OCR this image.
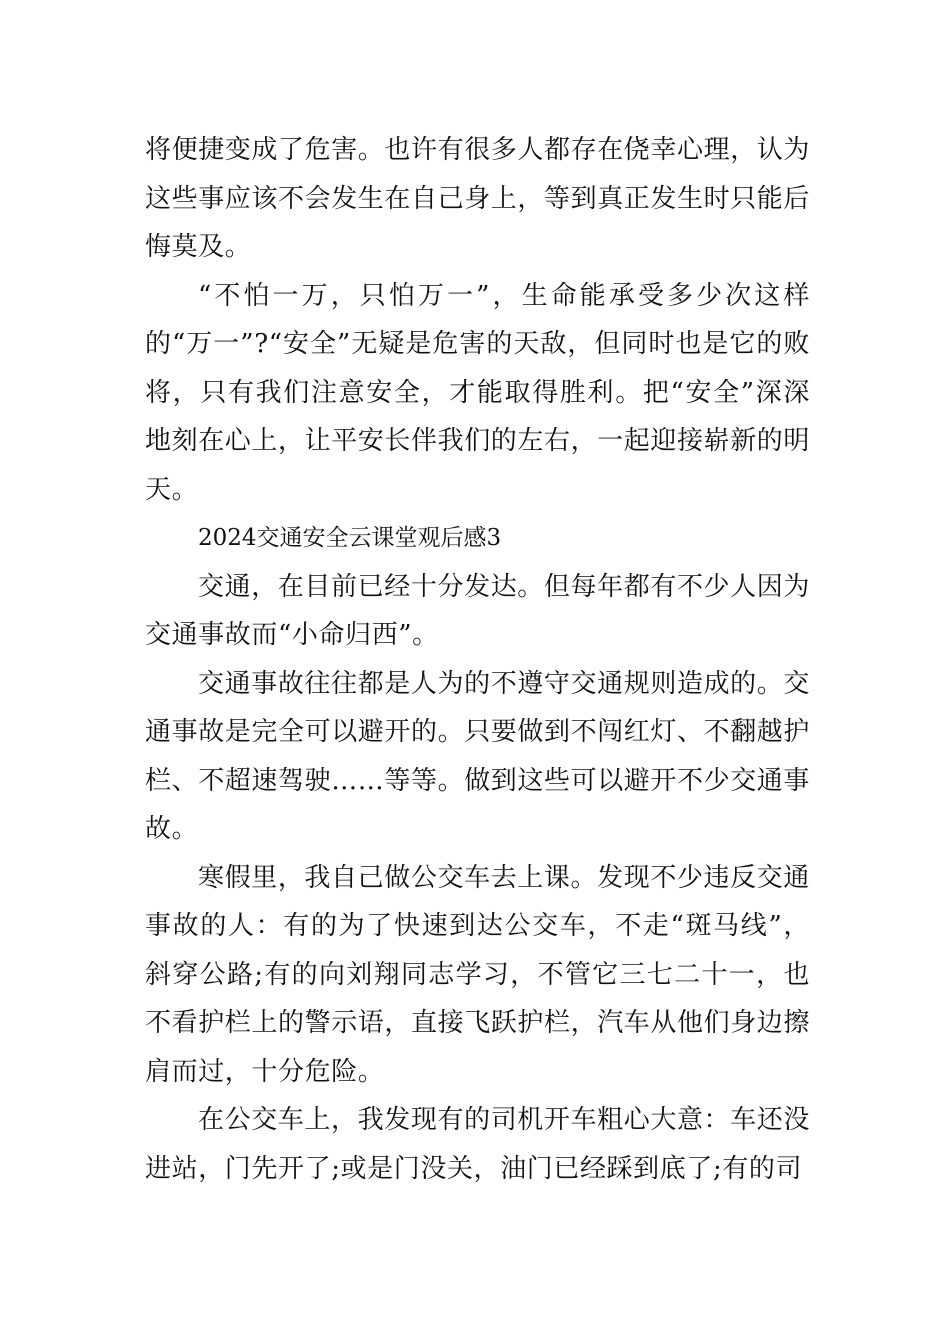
将便捷变成了危害。也许有很多人都存在侥幸心理，认为这些事应该不会发生在自己身上，等到真正发生时只能后悔莫及。

“不怕一万，只怕万一”，生命能承受多少次这样的“万一”?“安全”无疑是危害的天敌，但同时也是它的败将，只有我们注意安全，才能取得胜利。把“安全”深深地刻在心上，让平安长伴我们的左右，一起迎接崭新的明天。

2024交通安全云课堂观后感3

交通，在目前已经十分发达。但每年都有不少人因为交通事故而“小命归西”。

交通事故往往都是人为的不遵守交通规则造成的。交通事故是完全可以避开的。只要做到不闯红灯、不翻越护栏、不超速驾驶……等等。做到这些可以避开不少交通事故。

寒假里，我自己做公交车去上课。发现不少违反交通事故的人：有的为了快速到达公交车，不走“斑马线”，斜穿公路;有的向刘翔同志学习，不管它三七二十一，也不看护栏上的警示语，直接飞跃护栏，汽车从他们身边擦肩而过，十分危险。

在公交车上，我发现有的司机开车粗心大意：车还没进站，门先开了;或是门没关，油门已经踩到底了;有的司
